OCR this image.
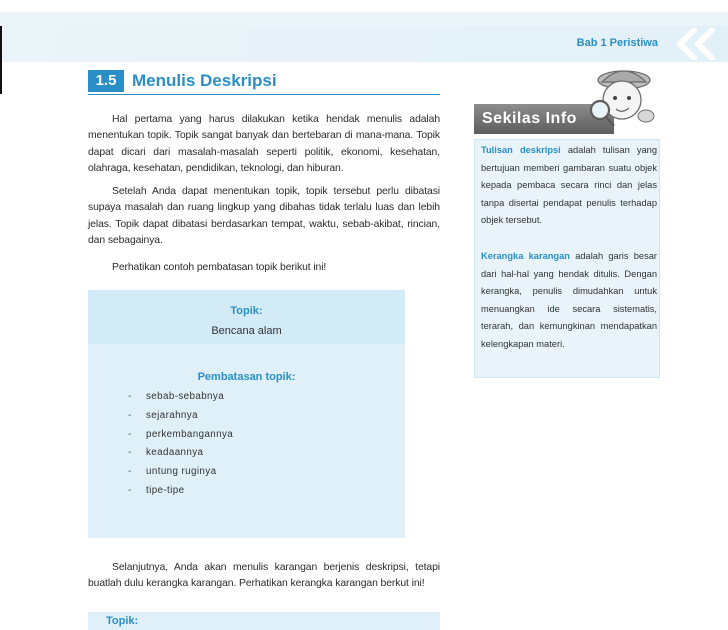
Bab 1 Peristiwa
1.5 Menulis Deskripsi

Hal pertama yang harus dilakukan ketika hendak menulis adalah menentukan topik. Topik sangat banyak dan bertebaran di mana-mana. Topik dapat dicari dari masalah-masalah seperti politik, ekonomi, kesehatan, olahraga, kesehatan, pendidikan, teknologi, dan hiburan.

Setelah Anda dapat menentukan topik, topik tersebut perlu dibatasi supaya masalah dan ruang lingkup yang dibahas tidak terlalu luas dan lebih jelas. Topik dapat dibatasi berdasarkan tempat, waktu, sebab-akibat, rincian, dan sebagainya.

Perhatikan contoh pembatasan topik berikut ini!

Topik:
Bencana alam
Pembatasan topik:
- sebab-sebabnya
- sejarahnya
- perkembangannya
- keadaannya
- untung ruginya
- tipe-tipe

Selanjutnya, Anda akan menulis karangan berjenis deskripsi, tetapi buatlah dulu kerangka karangan. Perhatikan kerangka karangan berkut ini!

Topik:
Sekilas Info

Tulisan deskripsi adalah tulisan yang bertujuan memberi gambaran suatu objek kepada pembaca secara rinci dan jelas tanpa disertai pendapat penulis terhadap objek tersebut.

Kerangka karangan adalah garis besar dari hal-hal yang hendak ditulis. Dengan kerangka, penulis dimudahkan untuk menuangkan ide secara sistematis, terarah, dan kemungkinan mendapatkan kelengkapan materi.
